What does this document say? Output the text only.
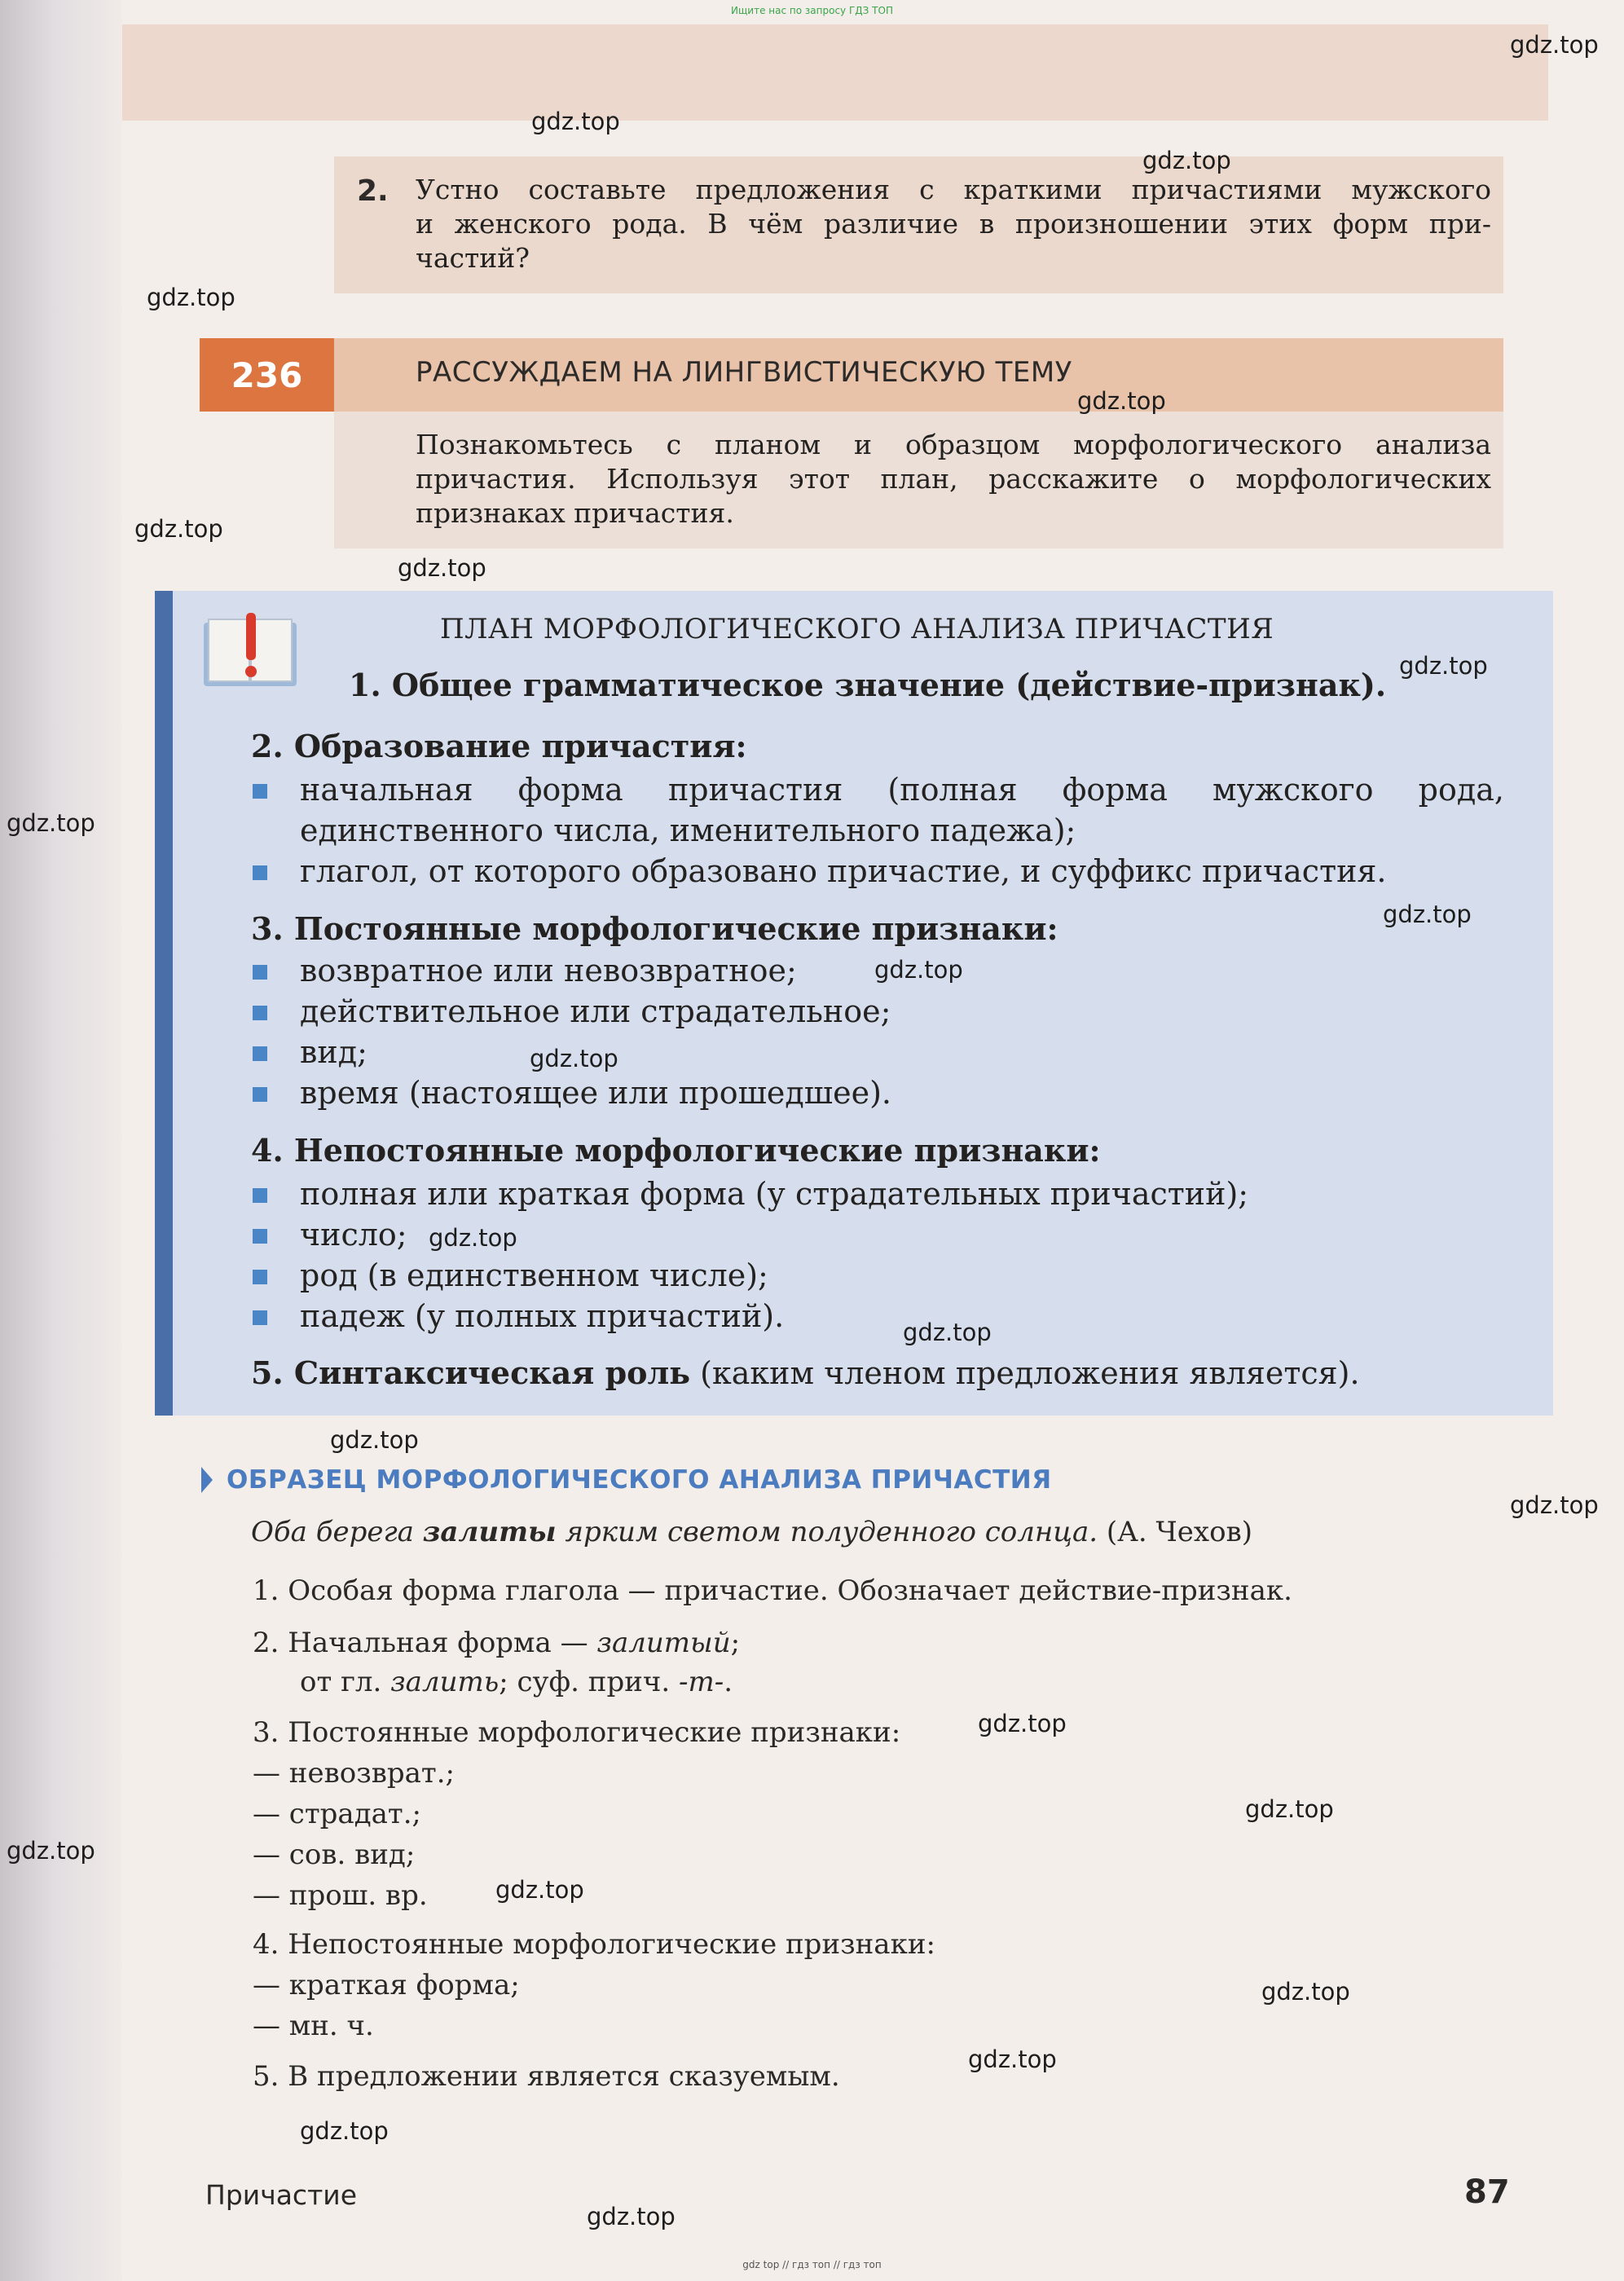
Ищите нас по запросу ГДЗ ТОП
2. Устно составьте предложения с краткими причастиями мужского
и женского рода. В чём различие в произношении этих форм при-
частий?
236	РАССУЖДАЕМ НА ЛИНГВИСТИЧЕСКУЮ ТЕМУ
Познакомьтесь с планом и образцом морфологического анализа
причастия. Используя этот план, расскажите о морфологических
признаках причастия.
ПЛАН МОРФОЛОГИЧЕСКОГО АНАЛИЗА ПРИЧАСТИЯ
1. Общее грамматическое значение (действие-признак).
2. Образование причастия:
начальная форма причастия (полная форма мужского рода,
единственного числа, именительного падежа);
глагол, от которого образовано причастие, и суффикс причастия.
3. Постоянные морфологические признаки:
возвратное или невозвратное;
действительное или страдательное;
вид;
время (настоящее или прошедшее).
4. Непостоянные морфологические признаки:
полная или краткая форма (у страдательных причастий);
число;
род (в единственном числе);
падеж (у полных причастий).
5. Синтаксическая роль (каким членом предложения является).
ОБРАЗЕЦ МОРФОЛОГИЧЕСКОГО АНАЛИЗА ПРИЧАСТИЯ
Оба берега залиты ярким светом полуденного солнца. (А. Чехов)
1. Особая форма глагола — причастие. Обозначает действие-признак.
2. Начальная форма — залитый;
от гл. залить; суф. прич. -т-.
3. Постоянные морфологические признаки:
— невозврат.;
— страдат.;
— сов. вид;
— прош. вр.
4. Непостоянные морфологические признаки:
— краткая форма;
— мн. ч.
5. В предложении является сказуемым.
Причастие	87
gdz top // гдз топ // гдз топ
gdz.top
gdz.top
gdz.top
gdz.top
gdz.top
gdz.top
gdz.top
gdz.top
gdz.top
gdz.top
gdz.top
gdz.top
gdz.top
gdz.top
gdz.top
gdz.top
gdz.top
gdz.top
gdz.top
gdz.top
gdz.top
gdz.top
gdz.top
gdz.top
